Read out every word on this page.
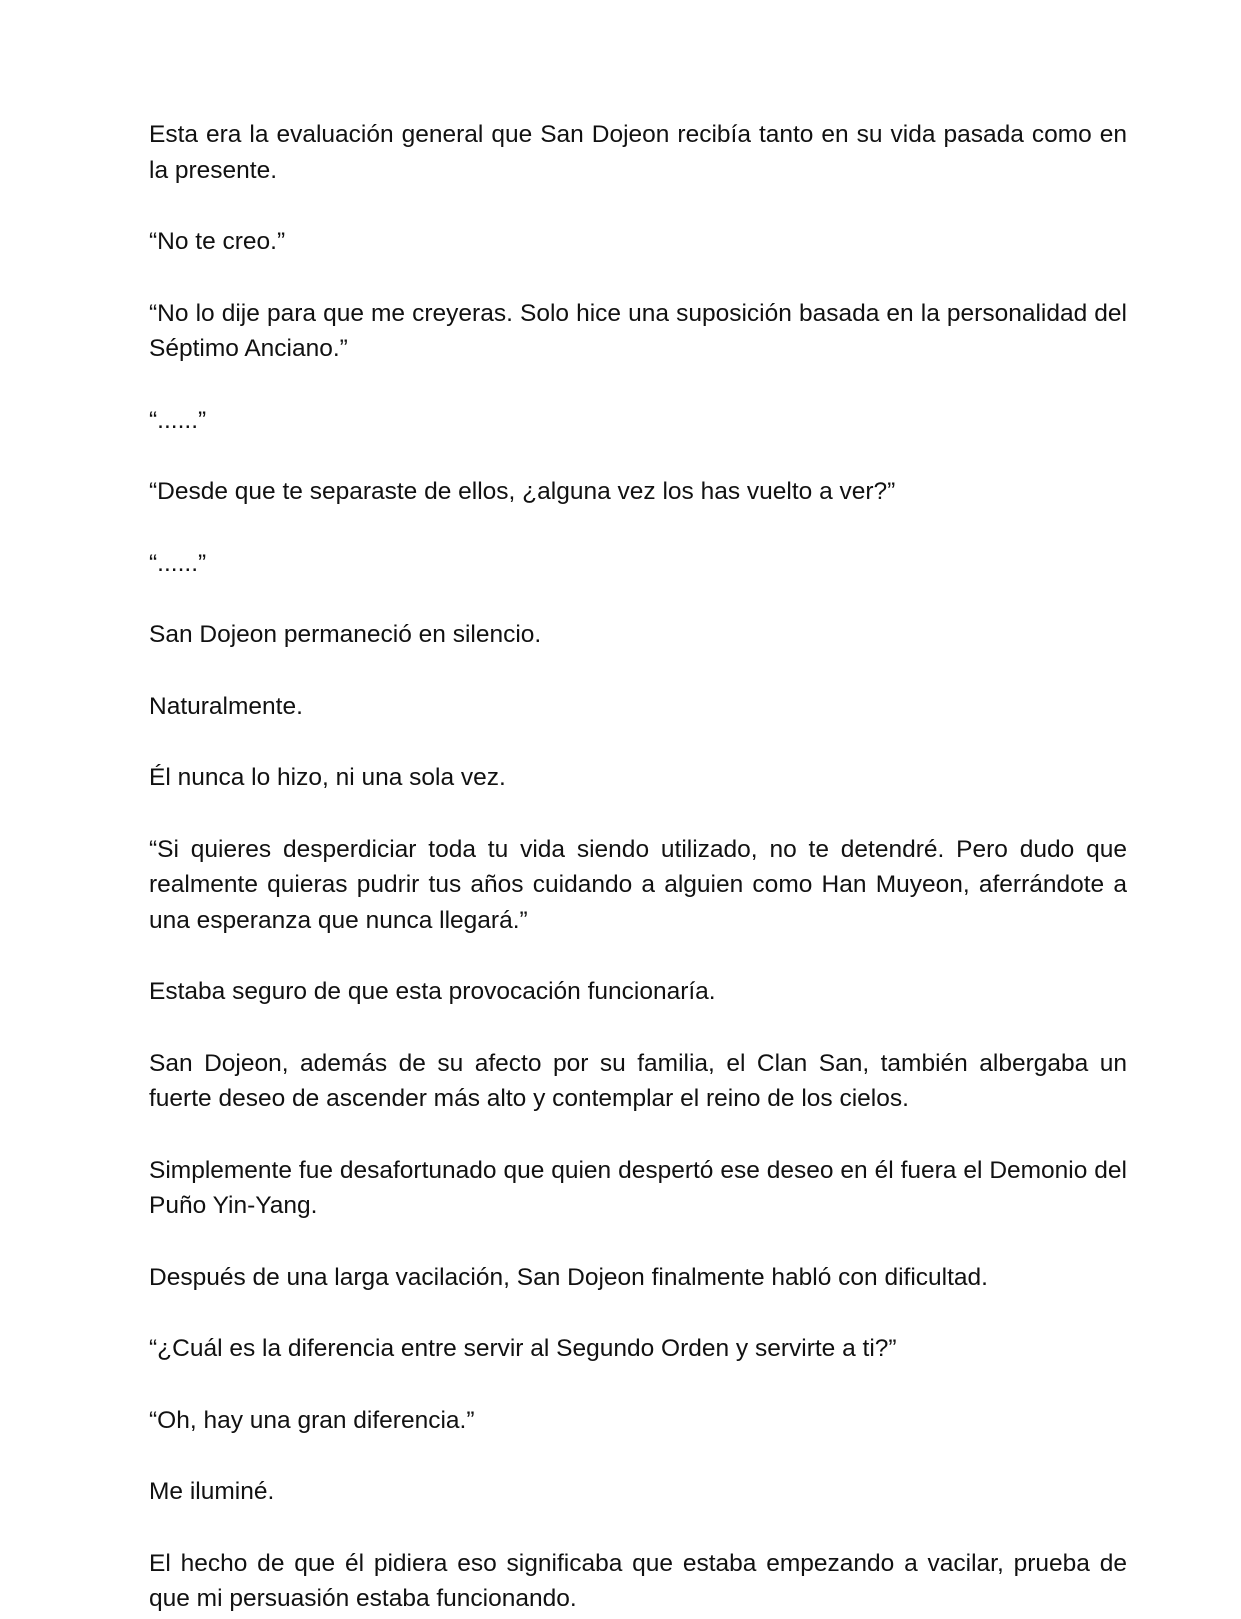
Esta era la evaluación general que San Dojeon recibía tanto en su vida pasada como en la presente.

“No te creo.”

“No lo dije para que me creyeras. Solo hice una suposición basada en la personalidad del Séptimo Anciano.”

“......”

“Desde que te separaste de ellos, ¿alguna vez los has vuelto a ver?”

“......”

San Dojeon permaneció en silencio.

Naturalmente.

Él nunca lo hizo, ni una sola vez.

“Si quieres desperdiciar toda tu vida siendo utilizado, no te detendré. Pero dudo que realmente quieras pudrir tus años cuidando a alguien como Han Muyeon, aferrándote a una esperanza que nunca llegará.”

Estaba seguro de que esta provocación funcionaría.

San Dojeon, además de su afecto por su familia, el Clan San, también albergaba un fuerte deseo de ascender más alto y contemplar el reino de los cielos.

Simplemente fue desafortunado que quien despertó ese deseo en él fuera el Demonio del Puño Yin-Yang.

Después de una larga vacilación, San Dojeon finalmente habló con dificultad.

“¿Cuál es la diferencia entre servir al Segundo Orden y servirte a ti?”

“Oh, hay una gran diferencia.”

Me iluminé.

El hecho de que él pidiera eso significaba que estaba empezando a vacilar, prueba de que mi persuasión estaba funcionando.
